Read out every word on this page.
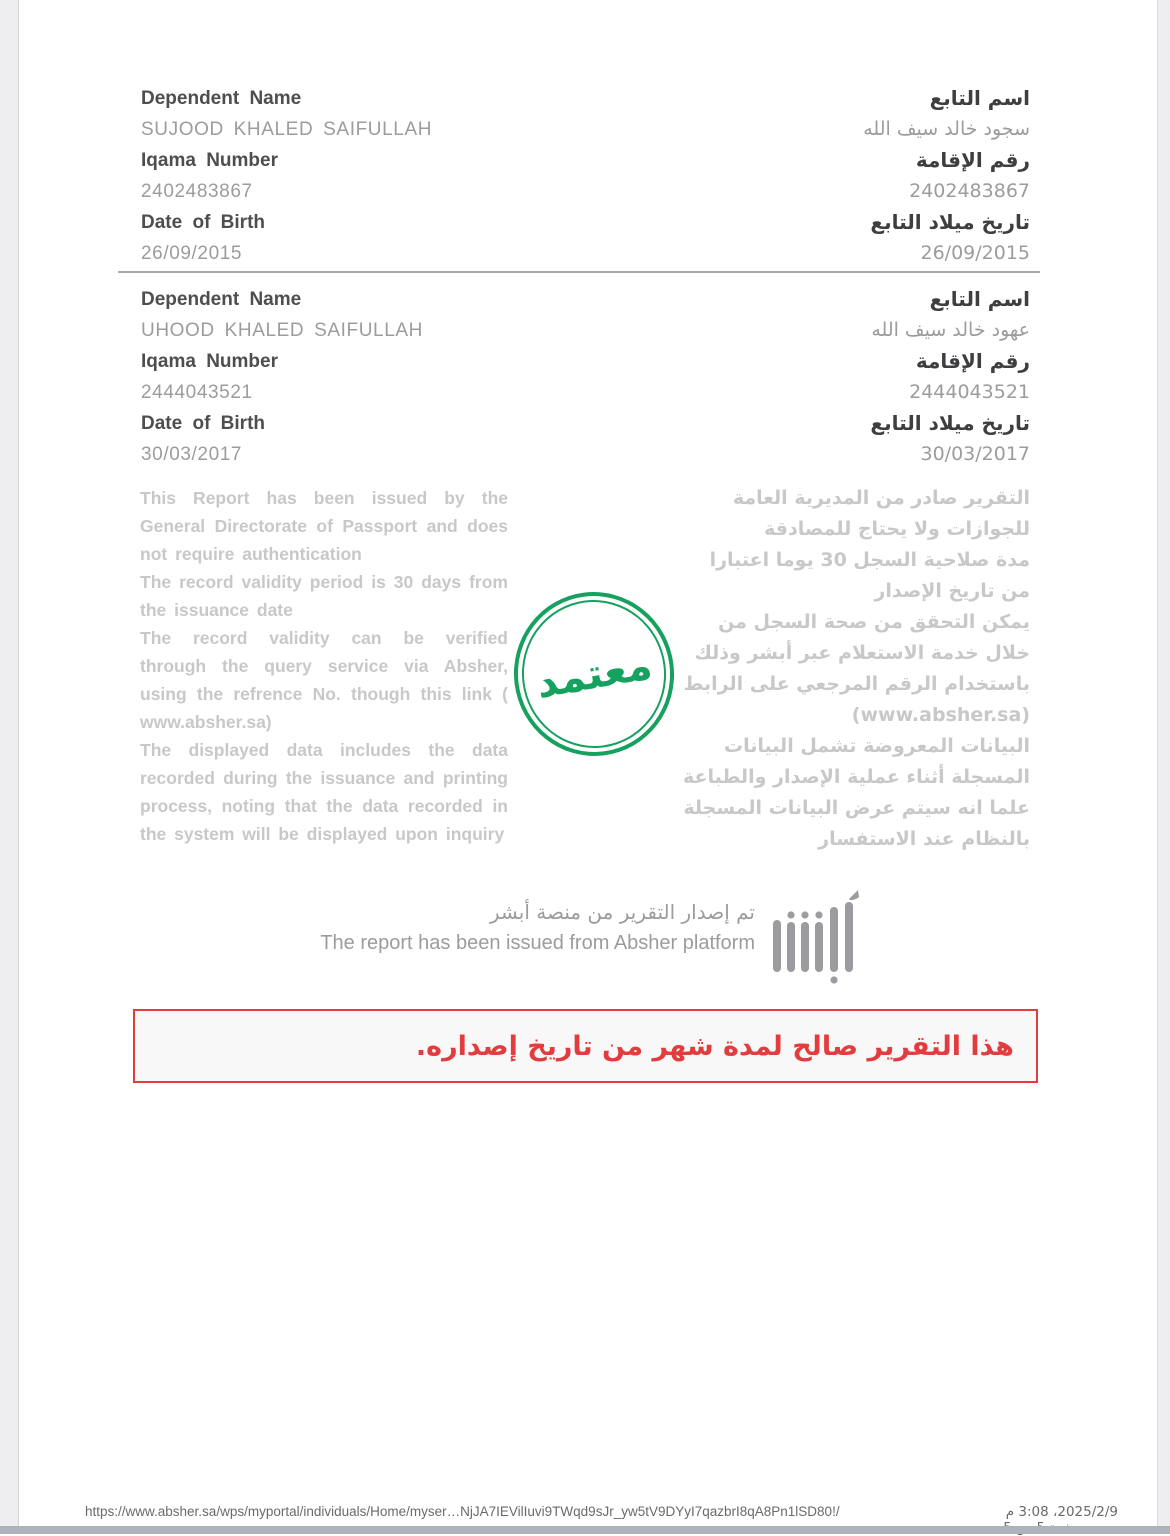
Dependent Name
SUJOOD KHALED SAIFULLAH
Iqama Number
2402483867
Date of Birth
26/09/2015
اسم التابع
سجود خالد سيف الله
رقم الإقامة
2402483867
تاريخ ميلاد التابع
26/09/2015
Dependent Name
UHOOD KHALED SAIFULLAH
Iqama Number
2444043521
Date of Birth
30/03/2017
اسم التابع
عهود خالد سيف الله
رقم الإقامة
2444043521
تاريخ ميلاد التابع
30/03/2017

This Report has been issued by the General Directorate of Passport and does not require authentication

The record validity period is 30 days from the issuance date

The record validity can be verified through the query service via Absher, using the refrence No. though this link ( www.absher.sa)

The displayed data includes the data recorded during the issuance and printing process, noting that the data recorded in the system will be displayed upon inquiry

التقرير صادر من المديرية العامة للجوازات ولا يحتاج للمصادقة

مدة صلاحية السجل 30 يوما اعتبارا من تاريخ الإصدار

يمكن التحقق من صحة السجل من خلال خدمة الاستعلام عبر أبشر وذلك باستخدام الرقم المرجعي على الرابط (www.absher.sa)

البيانات المعروضة تشمل البيانات المسجلة أثناء عملية الإصدار والطباعة

علما انه سيتم عرض البيانات المسجلة بالنظام عند الاستفسار

معتمد
تم إصدار التقرير من منصة أبشر
The report has been issued from Absher platform
هذا التقرير صالح لمدة شهر من تاريخ إصداره.
https://www.absher.sa/wps/myportal/individuals/Home/myser…NjJA7IEVilIuvi9TWqd9sJr_yw5tV9DYyI7qazbrI8qA8Pn1lSD80!/	2025/2/9، 3:08 م
